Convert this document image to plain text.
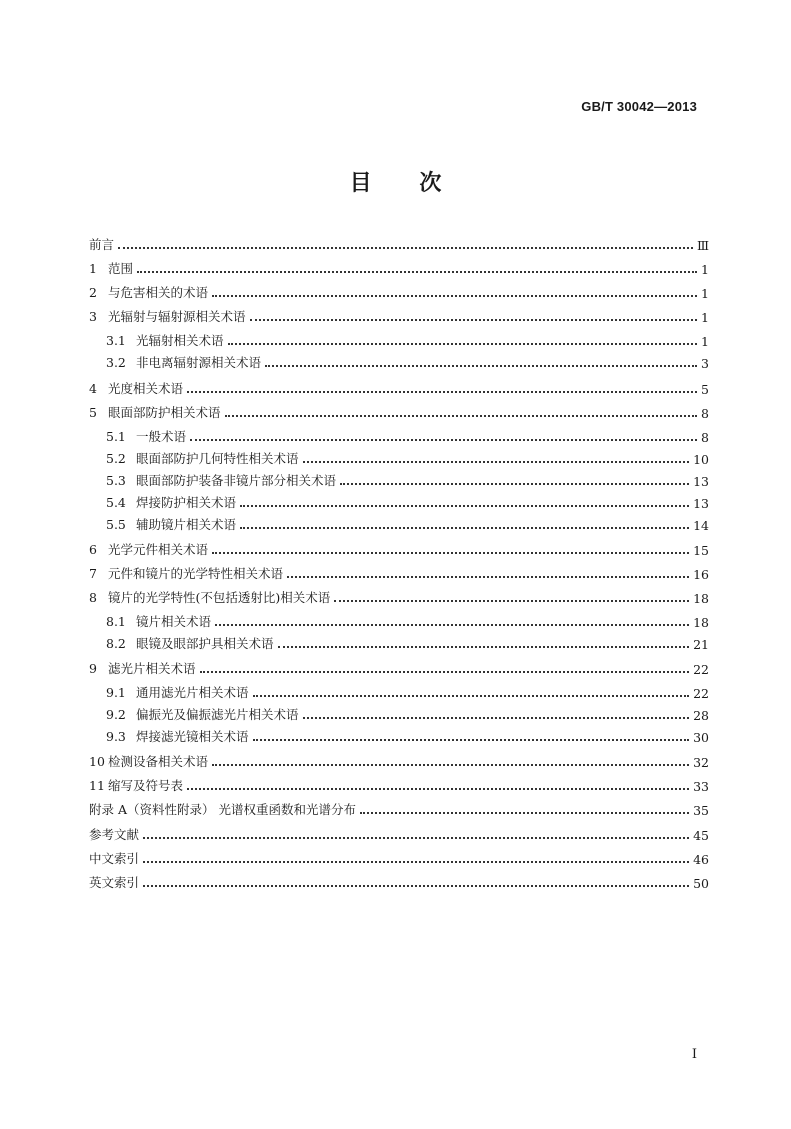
GB/T 30042—2013
目 次
前言	Ⅲ
1 范围	1
2 与危害相关的术语	1
3 光辐射与辐射源相关术语	1
3.1 光辐射相关术语	1
3.2 非电离辐射源相关术语	3
4 光度相关术语	5
5 眼面部防护相关术语	8
5.1 一般术语	8
5.2 眼面部防护几何特性相关术语	10
5.3 眼面部防护装备非镜片部分相关术语	13
5.4 焊接防护相关术语	13
5.5 辅助镜片相关术语	14
6 光学元件相关术语	15
7 元件和镜片的光学特性相关术语	16
8 镜片的光学特性(不包括透射比)相关术语	18
8.1 镜片相关术语	18
8.2 眼镜及眼部护具相关术语	21
9 滤光片相关术语	22
9.1 通用滤光片相关术语	22
9.2 偏振光及偏振滤光片相关术语	28
9.3 焊接滤光镜相关术语	30
10 检测设备相关术语	32
11 缩写及符号表	33
附录 A（资料性附录） 光谱权重函数和光谱分布	35
参考文献	45
中文索引	46
英文索引	50
I
